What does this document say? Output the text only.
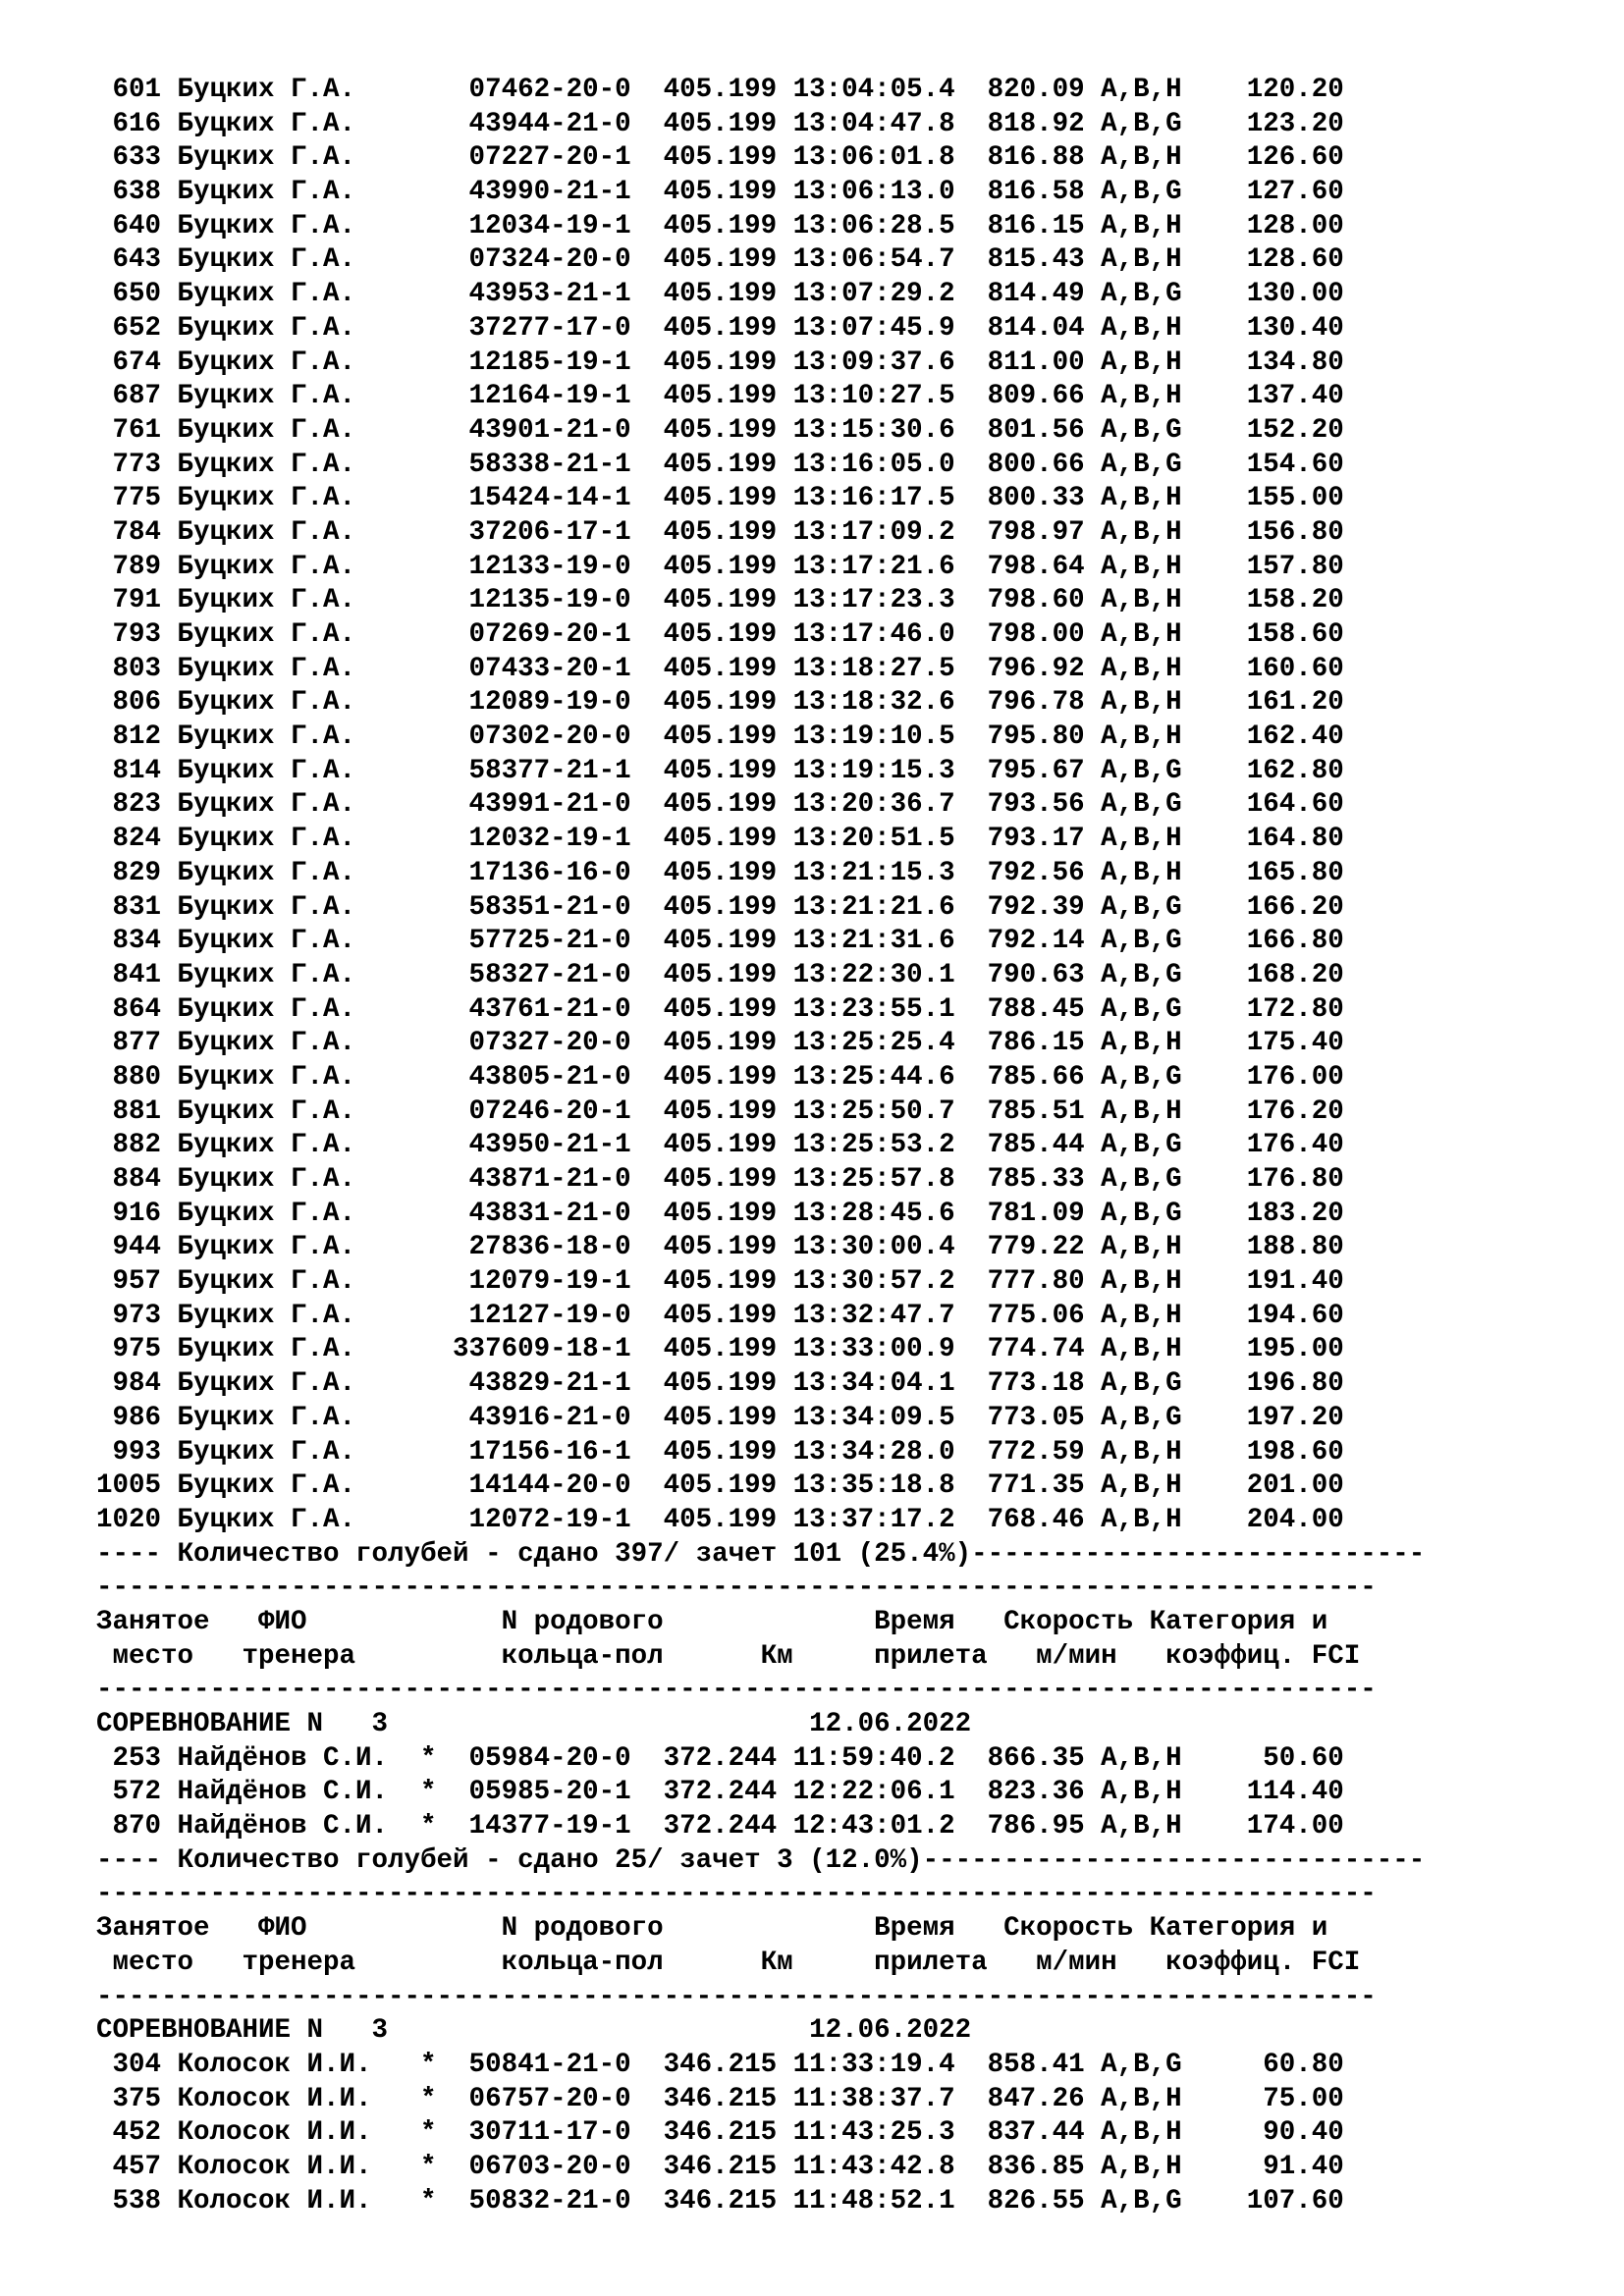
601 Буцких Г.А.       07462-20-0  405.199 13:04:05.4  820.09 A,B,H    120.20
616 Буцких Г.А.       43944-21-0  405.199 13:04:47.8  818.92 A,B,G    123.20
633 Буцких Г.А.       07227-20-1  405.199 13:06:01.8  816.88 A,B,H    126.60
638 Буцких Г.А.       43990-21-1  405.199 13:06:13.0  816.58 A,B,G    127.60
640 Буцких Г.А.       12034-19-1  405.199 13:06:28.5  816.15 A,B,H    128.00
643 Буцких Г.А.       07324-20-0  405.199 13:06:54.7  815.43 A,B,H    128.60
650 Буцких Г.А.       43953-21-1  405.199 13:07:29.2  814.49 A,B,G    130.00
652 Буцких Г.А.       37277-17-0  405.199 13:07:45.9  814.04 A,B,H    130.40
674 Буцких Г.А.       12185-19-1  405.199 13:09:37.6  811.00 A,B,H    134.80
687 Буцких Г.А.       12164-19-1  405.199 13:10:27.5  809.66 A,B,H    137.40
761 Буцких Г.А.       43901-21-0  405.199 13:15:30.6  801.56 A,B,G    152.20
773 Буцких Г.А.       58338-21-1  405.199 13:16:05.0  800.66 A,B,G    154.60
775 Буцких Г.А.       15424-14-1  405.199 13:16:17.5  800.33 A,B,H    155.00
784 Буцких Г.А.       37206-17-1  405.199 13:17:09.2  798.97 A,B,H    156.80
789 Буцких Г.А.       12133-19-0  405.199 13:17:21.6  798.64 A,B,H    157.80
791 Буцких Г.А.       12135-19-0  405.199 13:17:23.3  798.60 A,B,H    158.20
793 Буцких Г.А.       07269-20-1  405.199 13:17:46.0  798.00 A,B,H    158.60
803 Буцких Г.А.       07433-20-1  405.199 13:18:27.5  796.92 A,B,H    160.60
806 Буцких Г.А.       12089-19-0  405.199 13:18:32.6  796.78 A,B,H    161.20
812 Буцких Г.А.       07302-20-0  405.199 13:19:10.5  795.80 A,B,H    162.40
814 Буцких Г.А.       58377-21-1  405.199 13:19:15.3  795.67 A,B,G    162.80
823 Буцких Г.А.       43991-21-0  405.199 13:20:36.7  793.56 A,B,G    164.60
824 Буцких Г.А.       12032-19-1  405.199 13:20:51.5  793.17 A,B,H    164.80
829 Буцких Г.А.       17136-16-0  405.199 13:21:15.3  792.56 A,B,H    165.80
831 Буцких Г.А.       58351-21-0  405.199 13:21:21.6  792.39 A,B,G    166.20
834 Буцких Г.А.       57725-21-0  405.199 13:21:31.6  792.14 A,B,G    166.80
841 Буцких Г.А.       58327-21-0  405.199 13:22:30.1  790.63 A,B,G    168.20
864 Буцких Г.А.       43761-21-0  405.199 13:23:55.1  788.45 A,B,G    172.80
877 Буцких Г.А.       07327-20-0  405.199 13:25:25.4  786.15 A,B,H    175.40
880 Буцких Г.А.       43805-21-0  405.199 13:25:44.6  785.66 A,B,G    176.00
881 Буцких Г.А.       07246-20-1  405.199 13:25:50.7  785.51 A,B,H    176.20
882 Буцких Г.А.       43950-21-1  405.199 13:25:53.2  785.44 A,B,G    176.40
884 Буцких Г.А.       43871-21-0  405.199 13:25:57.8  785.33 A,B,G    176.80
916 Буцких Г.А.       43831-21-0  405.199 13:28:45.6  781.09 A,B,G    183.20
944 Буцких Г.А.       27836-18-0  405.199 13:30:00.4  779.22 A,B,H    188.80
957 Буцких Г.А.       12079-19-1  405.199 13:30:57.2  777.80 A,B,H    191.40
973 Буцких Г.А.       12127-19-0  405.199 13:32:47.7  775.06 A,B,H    194.60
975 Буцких Г.А.      337609-18-1  405.199 13:33:00.9  774.74 A,B,H    195.00
984 Буцких Г.А.       43829-21-1  405.199 13:34:04.1  773.18 A,B,G    196.80
986 Буцких Г.А.       43916-21-0  405.199 13:34:09.5  773.05 A,B,G    197.20
993 Буцких Г.А.       17156-16-1  405.199 13:34:28.0  772.59 A,B,H    198.60
1005 Буцких Г.А.       14144-20-0  405.199 13:35:18.8  771.35 A,B,H    201.00
1020 Буцких Г.А.       12072-19-1  405.199 13:37:17.2  768.46 A,B,H    204.00
---- Количество голубей - сдано 397/ зачет 101 (25.4%)----------------------------
-------------------------------------------------------------------------------
Занятое   ФИО            N родового             Время   Скорость Категория и
место   тренера         кольца-пол      Км     прилета   м/мин   коэффиц. FCI
-------------------------------------------------------------------------------
СОРЕВНОВАНИЕ N   3                          12.06.2022
253 Найдёнов С.И.  *  05984-20-0  372.244 11:59:40.2  866.35 A,B,H     50.60
572 Найдёнов С.И.  *  05985-20-1  372.244 12:22:06.1  823.36 A,B,H    114.40
870 Найдёнов С.И.  *  14377-19-1  372.244 12:43:01.2  786.95 A,B,H    174.00
---- Количество голубей - сдано 25/ зачет 3 (12.0%)-------------------------------
-------------------------------------------------------------------------------
Занятое   ФИО            N родового             Время   Скорость Категория и
место   тренера         кольца-пол      Км     прилета   м/мин   коэффиц. FCI
-------------------------------------------------------------------------------
СОРЕВНОВАНИЕ N   3                          12.06.2022
304 Колосок И.И.   *  50841-21-0  346.215 11:33:19.4  858.41 A,B,G     60.80
375 Колосок И.И.   *  06757-20-0  346.215 11:38:37.7  847.26 A,B,H     75.00
452 Колосок И.И.   *  30711-17-0  346.215 11:43:25.3  837.44 A,B,H     90.40
457 Колосок И.И.   *  06703-20-0  346.215 11:43:42.8  836.85 A,B,H     91.40
538 Колосок И.И.   *  50832-21-0  346.215 11:48:52.1  826.55 A,B,G    107.60
